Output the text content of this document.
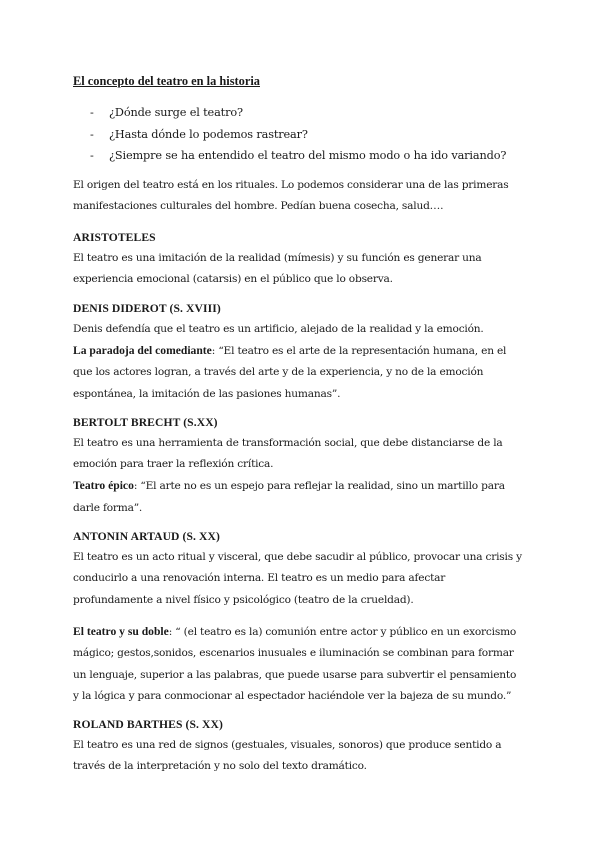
El concepto del teatro en la historia
- ¿Dónde surge el teatro?
- ¿Hasta dónde lo podemos rastrear?
- ¿Siempre se ha entendido el teatro del mismo modo o ha ido variando?

El origen del teatro está en los rituales. Lo podemos considerar una de las primeras manifestaciones culturales del hombre. Pedían buena cosecha, salud….

ARISTOTELES

El teatro es una imitación de la realidad (mímesis) y su función es generar una experiencia emocional (catarsis) en el público que lo observa.

DENIS DIDEROT (S. XVIII)

Denis defendía que el teatro es un artificio, alejado de la realidad y la emoción.

La paradoja del comediante: “El teatro es el arte de la representación humana, en el que los actores logran, a través del arte y de la experiencia, y no de la emoción espontánea, la imitación de las pasiones humanas”.

BERTOLT BRECHT (S.XX)

El teatro es una herramienta de transformación social, que debe distanciarse de la emoción para traer la reflexión crítica.

Teatro épico: “El arte no es un espejo para reflejar la realidad, sino un martillo para darle forma”.

ANTONIN ARTAUD (S. XX)

El teatro es un acto ritual y visceral, que debe sacudir al público, provocar una crisis y conducirlo a una renovación interna. El teatro es un medio para afectar profundamente a nivel físico y psicológico (teatro de la crueldad).

El teatro y su doble: “ (el teatro es la) comunión entre actor y público en un exorcismo mágico; gestos,sonidos, escenarios inusuales e iluminación se combinan para formar un lenguaje, superior a las palabras, que puede usarse para subvertir el pensamiento y la lógica y para conmocionar al espectador haciéndole ver la bajeza de su mundo.”

ROLAND BARTHES (S. XX)

El teatro es una red de signos (gestuales, visuales, sonoros) que produce sentido a través de la interpretación y no solo del texto dramático.
